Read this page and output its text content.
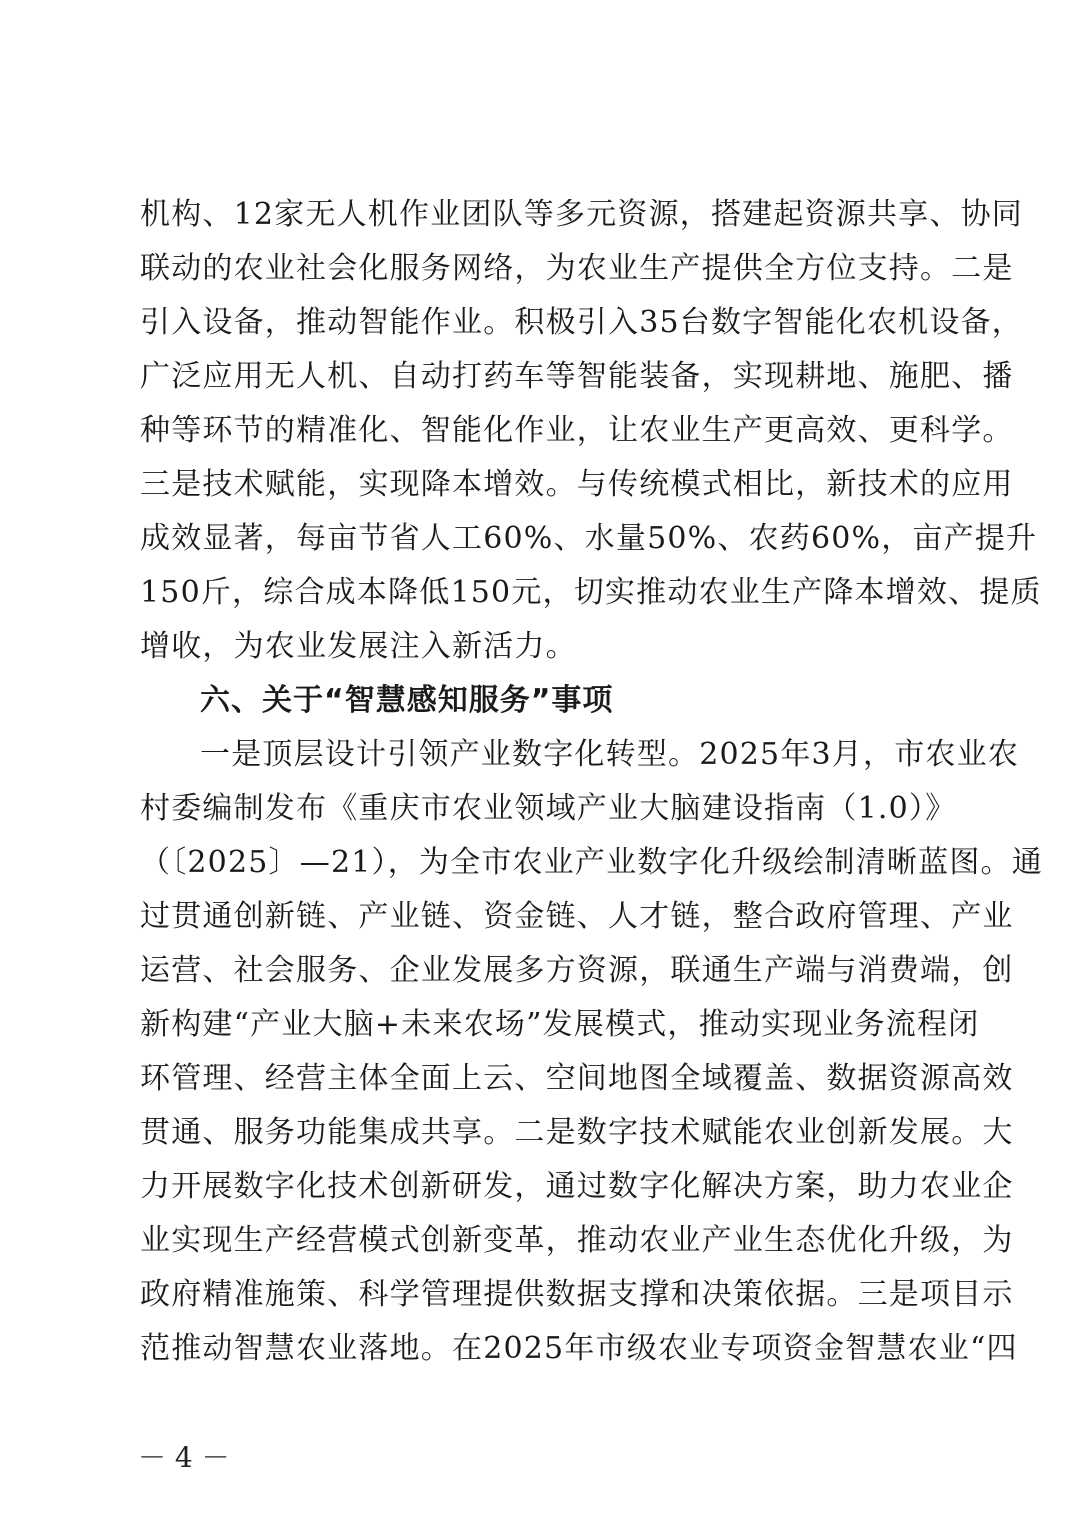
机构、12家无人机作业团队等多元资源，搭建起资源共享、协同
联动的农业社会化服务网络，为农业生产提供全方位支持。二是
引入设备，推动智能作业。积极引入35台数字智能化农机设备，
广泛应用无人机、自动打药车等智能装备，实现耕地、施肥、播
种等环节的精准化、智能化作业，让农业生产更高效、更科学。
三是技术赋能，实现降本增效。与传统模式相比，新技术的应用
成效显著，每亩节省人工60%、水量50%、农药60%，亩产提升
150斤，综合成本降低150元，切实推动农业生产降本增效、提质
增收，为农业发展注入新活力。
六、关于“智慧感知服务”事项
一是顶层设计引领产业数字化转型。2025年3月，市农业农
村委编制发布《重庆市农业领域产业大脑建设指南（1.0）》
（〔2025〕—21），为全市农业产业数字化升级绘制清晰蓝图。通
过贯通创新链、产业链、资金链、人才链，整合政府管理、产业
运营、社会服务、企业发展多方资源，联通生产端与消费端，创
新构建“产业大脑+未来农场”发展模式，推动实现业务流程闭
环管理、经营主体全面上云、空间地图全域覆盖、数据资源高效
贯通、服务功能集成共享。二是数字技术赋能农业创新发展。大
力开展数字化技术创新研发，通过数字化解决方案，助力农业企
业实现生产经营模式创新变革，推动农业产业生态优化升级，为
政府精准施策、科学管理提供数据支撑和决策依据。三是项目示
范推动智慧农业落地。在2025年市级农业专项资金智慧农业“四
－ 4 －
